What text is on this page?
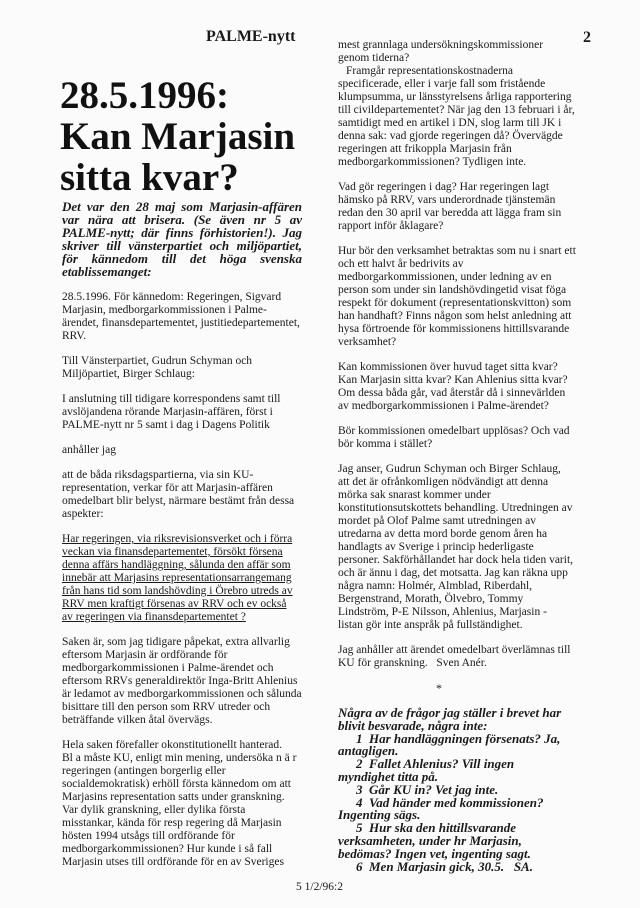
PALME-nytt	2
28.5.1996:
Kan Marjasin
sitta kvar?
Det var den 28 maj som Marjasin-affären
var nära att brisera. (Se även nr 5 av
PALME-nytt; där finns förhistorien!). Jag
skriver till vänsterpartiet och miljöpartiet,
för kännedom till det höga svenska
etablissemanget:
28.5.1996. För kännedom: Regeringen, Sigvard
Marjasin, medborgarkommissionen i Palme-
ärendet, finansdepartementet, justitiedepartementet,
RRV.
Till Vänsterpartiet, Gudrun Schyman och
Miljöpartiet, Birger Schlaug:
I anslutning till tidigare korrespondens samt till
avslöjandena rörande Marjasin-affären, först i
PALME-nytt nr 5 samt i dag i Dagens Politik
anhåller jag
att de båda riksdagspartierna, via sin KU-
representation, verkar för att Marjasin-affären
omedelbart blir belyst, närmare bestämt från dessa
aspekter:
Har regeringen, via riksrevisionsverket och i förra
veckan via finansdepartementet, försökt försena
denna affärs handläggning, sålunda den affär som
innebär att Marjasins representationsarrangemang
från hans tid som landshövding i Örebro utreds av
RRV men kraftigt försenas av RRV och ev också
av regeringen via finansdepartementet ?
Saken är, som jag tidigare påpekat, extra allvarlig
eftersom Marjasin är ordförande för
medborgarkommissionen i Palme-ärendet och
eftersom RRVs generaldirektör Inga-Britt Ahlenius
är ledamot av medborgarkommissionen och sålunda
bisittare till den person som RRV utreder och
beträffande vilken åtal övervägs.
Hela saken förefaller okonstitutionellt hanterad.
Bl a måste KU, enligt min mening, undersöka n ä r
regeringen (antingen borgerlig eller
socialdemokratisk) erhöll första kännedom om att
Marjasins representation satts under granskning.
Var dylik granskning, eller dylika första
misstankar, kända för resp regering då Marjasin
hösten 1994 utsågs till ordförande för
medborgarkommissionen? Hur kunde i så fall
Marjasin utses till ordförande för en av Sveriges
mest grannlaga undersökningskommissioner
genom tiderna?
Framgår representationskostnaderna
specificerade, eller i varje fall som fristående
klumpsumma, ur länsstyrelsens årliga rapportering
till civildepartementet? När jag den 13 februari i år,
samtidigt med en artikel i DN, slog larm till JK i
denna sak: vad gjorde regeringen då? Övervägde
regeringen att frikoppla Marjasin från
medborgarkommissionen? Tydligen inte.
Vad gör regeringen i dag? Har regeringen lagt
hämsko på RRV, vars underordnade tjänstemän
redan den 30 april var beredda att lägga fram sin
rapport inför åklagare?
Hur bör den verksamhet betraktas som nu i snart ett
och ett halvt år bedrivits av
medborgarkommissionen, under ledning av en
person som under sin landshövdingetid visat föga
respekt för dokument (representationskvitton) som
han handhaft? Finns någon som helst anledning att
hysa förtroende för kommissionens hittillsvarande
verksamhet?
Kan kommissionen över huvud taget sitta kvar?
Kan Marjasin sitta kvar? Kan Ahlenius sitta kvar?
Om dessa båda går, vad återstår då i sinnevärlden
av medborgarkommissionen i Palme-ärendet?
Bör kommissionen omedelbart upplösas? Och vad
bör komma i stället?
Jag anser, Gudrun Schyman och Birger Schlaug,
att det är ofrånkomligen nödvändigt att denna
mörka sak snarast kommer under
konstitutionsutskottets behandling. Utredningen av
mordet på Olof Palme samt utredningen av
utredarna av detta mord borde genom åren ha
handlagts av Sverige i princip hederligaste
personer. Sakförhållandet har dock hela tiden varit,
och är ännu i dag, det motsatta. Jag kan räkna upp
några namn: Holmér, Almblad, Riberdahl,
Bergenstrand, Morath, Ölvebro, Tommy
Lindström, P-E Nilsson, Ahlenius, Marjasin -
listan gör inte anspråk på fullständighet.
Jag anhåller att ärendet omedelbart överlämnas till
KU för granskning.   Sven Anér.
*
Några av de frågor jag ställer i brevet har
blivit besvarade, några inte:
1  Har handläggningen försenats? Ja,
antagligen.
2  Fallet Ahlenius? Vill ingen
myndighet titta på.
3  Går KU in? Vet jag inte.
4  Vad händer med kommissionen?
Ingenting sägs.
5  Hur ska den hittillsvarande
verksamheten, under hr Marjasin,
bedömas? Ingen vet, ingenting sagt.
6  Men Marjasin gick, 30.5.   SA.
5 1/2/96:2
